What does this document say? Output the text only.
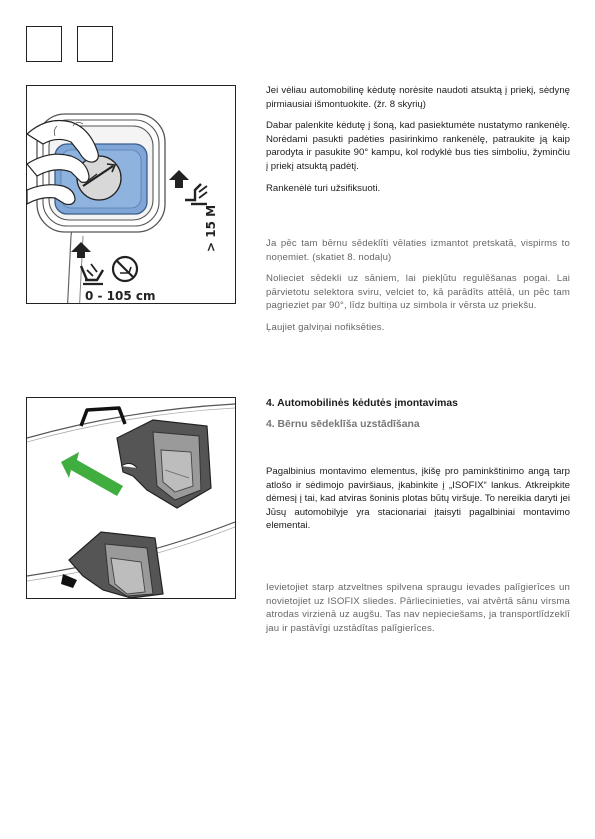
0 - 105 cm
> 15 M

Jei vėliau automobilinę kėdutę norėsite naudoti atsuktą į priekį, sėdynę pirmiausiai išmontuokite. (žr. 8 skyrių)

Dabar palenkite kėdutę į šoną, kad pasiektumėte nustatymo rankenėlę. Norėdami pasukti padėties pasirinkimo rankenėlę, patraukite ją kaip parodyta ir pasukite 90° kampu, kol rodyklė bus ties simboliu, žyminčiu į priekį atsuktą padėtį.

Rankenėlė turi užsifiksuoti.

Ja pēc tam bērnu sēdeklīti vēlaties izmantot pretskatā, vispirms to noņemiet. (skatiet 8. nodaļu)

Nolieciet sēdekli uz sāniem, lai piekļūtu regulēšanas pogai. Lai pārvietotu selektora sviru, velciet to, kā parādīts attēlā, un pēc tam pagrieziet par 90°, līdz bultiņa uz simbola ir vērsta uz priekšu.

Ļaujiet galviņai nofiksēties.

4. Automobilinės kėdutės įmontavimas

4. Bērnu sēdeklīša uzstādīšana

Pagalbinius montavimo elementus, įkišę pro paminkštinimo angą tarp atlošo ir sėdimojo paviršiaus, įkabinkite į „ISOFIX“ lankus. Atkreipkite dėmesį į tai, kad atviras šoninis plotas būtų viršuje. To nereikia daryti jei Jūsų automobilyje yra stacionariai įtaisyti pagalbiniai montavimo elementai.

Ievietojiet starp atzveltnes spilvena spraugu ievades palīgierīces un novietojiet uz ISOFIX sliedes. Pārliecinieties, vai atvērtā sānu virsma atrodas virzienā uz augšu. Tas nav nepieciešams, ja transportlīdzeklī jau ir pastāvīgi uzstādītas palīgierīces.
